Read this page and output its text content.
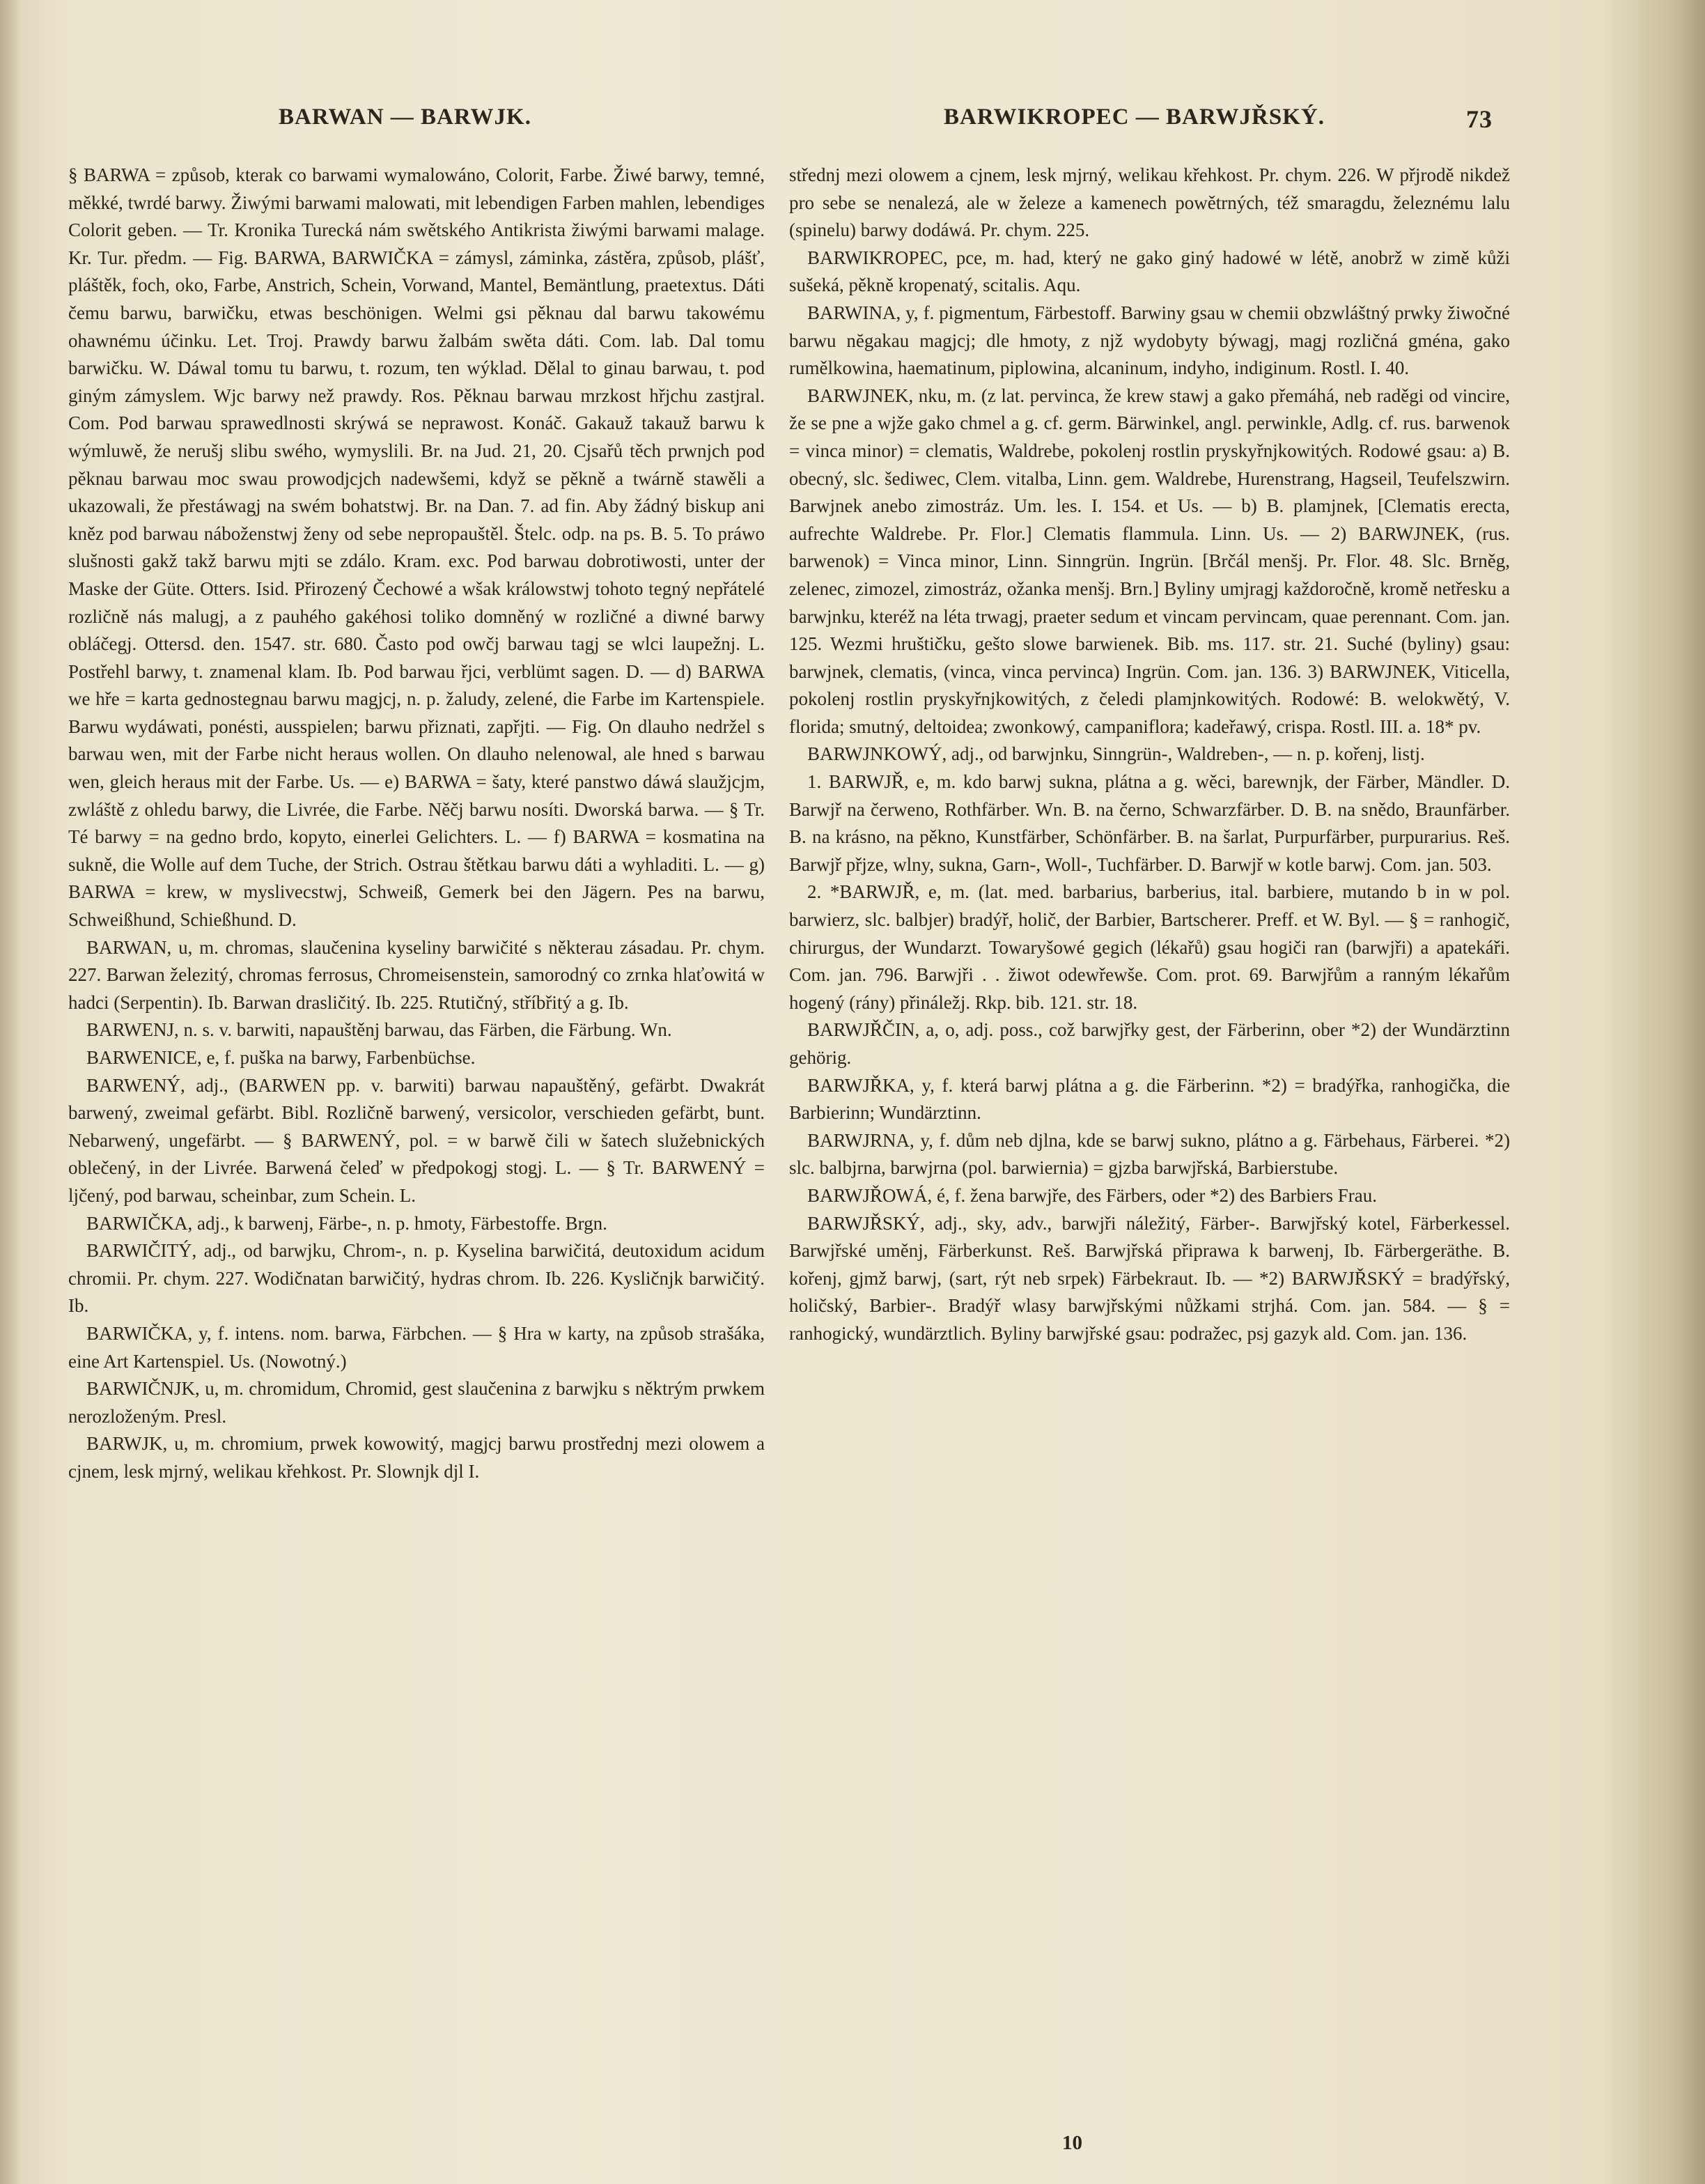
BARWAN — BARWJK.	BARWIKROPEC — BARWJŘSKÝ.	73

§ BARWA = způsob, kterak co barwami wymalowáno, Colorit, Farbe. Žiwé barwy, temné, měkké, twrdé barwy. Žiwými barwami malowati, mit lebendigen Farben mahlen, lebendiges Colorit geben. — Tr. Kronika Turecká nám swětského Antikrista žiwými barwami malage. Kr. Tur. předm. — Fig. BARWA, BARWIČKA = zámysl, záminka, zástěra, způsob, plášť, pláštěk, foch, oko, Farbe, Anstrich, Schein, Vorwand, Mantel, Bemäntlung, praetextus. Dáti čemu barwu, barwičku, etwas beschönigen. Welmi gsi pěknau dal barwu takowému ohawnému účinku. Let. Troj. Prawdy barwu žalbám swěta dáti. Com. lab. Dal tomu barwičku. W. Dáwal tomu tu barwu, t. rozum, ten wýklad. Dělal to ginau barwau, t. pod giným zámyslem. Wjc barwy než prawdy. Ros. Pěknau barwau mrzkost hřjchu zastjral. Com. Pod barwau sprawedlnosti skrýwá se neprawost. Konáč. Gakauž takauž barwu k wýmluwě, že nerušj slibu swého, wymyslili. Br. na Jud. 21, 20. Cjsařů těch prwnjch pod pěknau barwau moc swau prowodjcjch nadewšemi, když se pěkně a twárně stawěli a ukazowali, že přestáwagj na swém bohatstwj. Br. na Dan. 7. ad fin. Aby žádný biskup ani kněz pod barwau náboženstwj ženy od sebe nepropauštěl. Štelc. odp. na ps. B. 5. To práwo slušnosti gakž takž barwu mjti se zdálo. Kram. exc. Pod barwau dobrotiwosti, unter der Maske der Güte. Otters. Isid. Přirozený Čechowé a wšak králowstwj tohoto tegný nepřátelé rozličně nás malugj, a z pauhého gakéhosi toliko domněný w rozličné a diwné barwy obláčegj. Ottersd. den. 1547. str. 680. Často pod owčj barwau tagj se wlci laupežnj. L. Postřehl barwy, t. znamenal klam. Ib. Pod barwau řjci, verblümt sagen. D. — d) BARWA we hře = karta gednostegnau barwu magjcj, n. p. žaludy, zelené, die Farbe im Kartenspiele. Barwu wydáwati, ponésti, ausspielen; barwu přiznati, zapřjti. — Fig. On dlauho nedržel s barwau wen, mit der Farbe nicht heraus wollen. On dlauho nelenowal, ale hned s barwau wen, gleich heraus mit der Farbe. Us. — e) BARWA = šaty, které panstwo dáwá slaužjcjm, zwláště z ohledu barwy, die Livrée, die Farbe. Něčj barwu nosíti. Dworská barwa. — § Tr. Té barwy = na gedno brdo, kopyto, einerlei Gelichters. L. — f) BARWA = kosmatina na sukně, die Wolle auf dem Tuche, der Strich. Ostrau štětkau barwu dáti a wyhladiti. L. — g) BARWA = krew, w myslivecstwj, Schweiß, Gemerk bei den Jägern. Pes na barwu, Schweißhund, Schießhund. D.

BARWAN, u, m. chromas, slaučenina kyseliny barwičité s některau zásadau. Pr. chym. 227. Barwan železitý, chromas ferrosus, Chromeisenstein, samorodný co zrnka hlaťowitá w hadci (Serpentin). Ib. Barwan drasličitý. Ib. 225. Rtutičný, stříbřitý a g. Ib.

BARWENJ, n. s. v. barwiti, napauštěnj barwau, das Färben, die Färbung. Wn.

BARWENICE, e, f. puška na barwy, Farbenbüchse.

BARWENÝ, adj., (BARWEN pp. v. barwiti) barwau napauštěný, gefärbt. Dwakrát barwený, zweimal gefärbt. Bibl. Rozličně barwený, versicolor, verschieden gefärbt, bunt. Nebarwený, ungefärbt. — § BARWENÝ, pol. = w barwě čili w šatech služebnických oblečený, in der Livrée. Barwená čeleď w předpokogj stogj. L. — § Tr. BARWENÝ = ljčený, pod barwau, scheinbar, zum Schein. L.

BARWIČKA, adj., k barwenj, Färbe-, n. p. hmoty, Färbestoffe. Brgn.

BARWIČITÝ, adj., od barwjku, Chrom-, n. p. Kyselina barwičitá, deutoxidum acidum chromii. Pr. chym. 227. Wodičnatan barwičitý, hydras chrom. Ib. 226. Kysličnjk barwičitý. Ib.

BARWIČKA, y, f. intens. nom. barwa, Färbchen. — § Hra w karty, na způsob strašáka, eine Art Kartenspiel. Us. (Nowotný.)

BARWIČNJK, u, m. chromidum, Chromid, gest slaučenina z barwjku s něktrým prwkem nerozloženým. Presl.

BARWJK, u, m. chromium, prwek kowowitý, magjcj barwu prostřednj mezi olowem a cjnem, lesk mjrný, welikau křehkost. Pr. Slownjk djl I.

střednj mezi olowem a cjnem, lesk mjrný, welikau křehkost. Pr. chym. 226. W přjrodě nikdež pro sebe se nenalezá, ale w železe a kamenech powětrných, též smaragdu, železnému lalu (spinelu) barwy dodáwá. Pr. chym. 225.

BARWIKROPEC, pce, m. had, který ne gako giný hadowé w létě, anobrž w zimě kůži sušeká, pěkně kropenatý, scitalis. Aqu.

BARWINA, y, f. pigmentum, Färbestoff. Barwiny gsau w chemii obzwláštný prwky žiwočné barwu nĕgakau magjcj; dle hmoty, z njž wydobyty býwagj, magj rozličná gména, gako rumělkowina, haematinum, piplowina, alcaninum, indyho, indiginum. Rostl. I. 40.

BARWJNEK, nku, m. (z lat. pervinca, že krew stawj a gako přemáhá, neb raděgi od vincire, že se pne a wjže gako chmel a g. cf. germ. Bärwinkel, angl. perwinkle, Adlg. cf. rus. barwenok = vinca minor) = clematis, Waldrebe, pokolenj rostlin pryskyřnjkowitých. Rodowé gsau: a) B. obecný, slc. šediwec, Clem. vitalba, Linn. gem. Waldrebe, Hurenstrang, Hagseil, Teufelszwirn. Barwjnek anebo zimostráz. Um. les. I. 154. et Us. — b) B. plamjnek, [Clematis erecta, aufrechte Waldrebe. Pr. Flor.] Clematis flammula. Linn. Us. — 2) BARWJNEK, (rus. barwenok) = Vinca minor, Linn. Sinngrün. Ingrün. [Brčál menšj. Pr. Flor. 48. Slc. Brněg, zelenec, zimozel, zimostráz, ožanka menšj. Brn.] Byliny umjragj každoročně, kromě netřesku a barwjnku, kteréž na léta trwagj, praeter sedum et vincam pervincam, quae perennant. Com. jan. 125. Wezmi hruštičku, gešto slowe barwienek. Bib. ms. 117. str. 21. Suché (byliny) gsau: barwjnek, clematis, (vinca, vinca pervinca) Ingrün. Com. jan. 136. 3) BARWJNEK, Viticella, pokolenj rostlin pryskyřnjkowitých, z čeledi plamjnkowitých. Rodowé: B. welokwětý, V. florida; smutný, deltoidea; zwonkowý, campaniflora; kadeřawý, crispa. Rostl. III. a. 18* pv.

BARWJNKOWÝ, adj., od barwjnku, Sinngrün-, Waldreben-, — n. p. kořenj, listj.

1. BARWJŘ, e, m. kdo barwj sukna, plátna a g. wěci, barewnjk, der Färber, Mändler. D. Barwjř na čerweno, Rothfärber. Wn. B. na černo, Schwarzfärber. D. B. na snědo, Braunfärber. B. na krásno, na pěkno, Kunstfärber, Schönfärber. B. na šarlat, Purpurfärber, purpurarius. Reš. Barwjř přjze, wlny, sukna, Garn-, Woll-, Tuchfärber. D. Barwjř w kotle barwj. Com. jan. 503.

2. *BARWJŘ, e, m. (lat. med. barbarius, barberius, ital. barbiere, mutando b in w pol. barwierz, slc. balbjer) bradýř, holič, der Barbier, Bartscherer. Preff. et W. Byl. — § = ranhogič, chirurgus, der Wundarzt. Towaryšowé gegich (lékařů) gsau hogiči ran (barwjři) a apatekáři. Com. jan. 796. Barwjři . . žiwot odewřewše. Com. prot. 69. Barwjřům a ranným lékařům hogený (rány) přináležj. Rkp. bib. 121. str. 18.

BARWJŘČIN, a, o, adj. poss., což barwjřky gest, der Färberinn, ober *2) der Wundärztinn gehörig.

BARWJŘKA, y, f. která barwj plátna a g. die Färberinn. *2) = bradýřka, ranhogička, die Barbierinn; Wundärztinn.

BARWJRNA, y, f. dům neb djlna, kde se barwj sukno, plátno a g. Färbehaus, Färberei. *2) slc. balbjrna, barwjrna (pol. barwiernia) = gjzba barwjřská, Barbierstube.

BARWJŘOWÁ, é, f. žena barwjře, des Färbers, oder *2) des Barbiers Frau.

BARWJŘSKÝ, adj., sky, adv., barwjři náležitý, Färber-. Barwjřský kotel, Färberkessel. Barwjřské uměnj, Färberkunst. Reš. Barwjřská připrawa k barwenj, Ib. Färbergeräthe. B. kořenj, gjmž barwj, (sart, rýt neb srpek) Färbekraut. Ib. — *2) BARWJŘSKÝ = bradýřský, holičský, Barbier-. Bradýř wlasy barwjřskými nůžkami strjhá. Com. jan. 584. — § = ranhogický, wundärztlich. Byliny barwjřské gsau: podražec, psj gazyk ald. Com. jan. 136.

10
